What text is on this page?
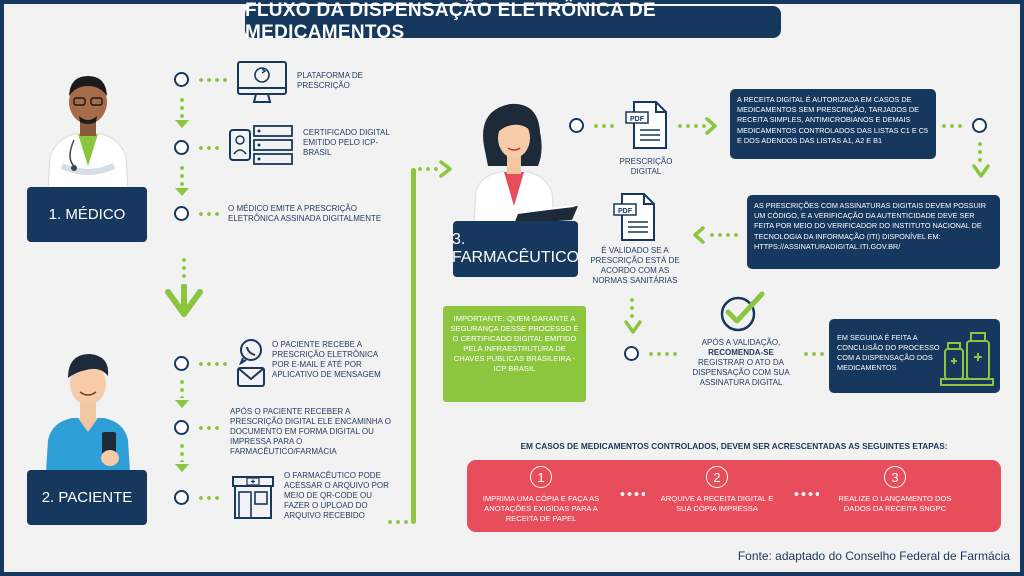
FLUXO DA DISPENSAÇÃO ELETRÔNICA DE MEDICAMENTOS
1. MÉDICO
PLATAFORMA DE PRESCRIÇÃO
CERTIFICADO DIGITAL EMITIDO PELO ICP-BRASIL
O MÉDICO EMITE A PRESCRIÇÃO ELETRÔNICA ASSINADA DIGITALMENTE
2. PACIENTE
O PACIENTE RECEBE A PRESCRIÇÃO ELETRÔNICA POR E-MAIL E ATÉ POR APLICATIVO DE MENSAGEM
APÓS O PACIENTE RECEBER A PRESCRIÇÃO DIGITAL ELE ENCAMINHA O DOCUMENTO EM FORMA DIGITAL OU IMPRESSA PARA O FARMACÊUTICO/FARMÁCIA
O FARMACÊUTICO PODE ACESSAR O ARQUIVO POR MEIO DE QR-CODE OU FAZER O UPLOAD DO ARQUIVO RECEBIDO
3. FARMACÊUTICO
PDF
PRESCRIÇÃO DIGITAL
A RECEITA DIGITAL É AUTORIZADA EM CASOS DE MEDICAMENTOS SEM PRESCRIÇÃO, TARJADOS DE RECEITA SIMPLES, ANTIMICROBIANOS E DEMAIS MEDICAMENTOS CONTROLADOS DAS LISTAS C1 E C5 E DOS ADENDOS DAS LISTAS A1, A2 E B1
AS PRESCRIÇÕES COM ASSINATURAS DIGITAIS DEVEM POSSUIR UM CÓDIGO, E A VERIFICAÇÃO DA AUTENTICIDADE DEVE SER FEITA POR MEIO DO VERIFICADOR DO INSTITUTO NACIONAL DE TECNOLOGIA DA INFORMAÇÃO (ITI) DISPONÍVEL EM: HTTPS://ASSINATURADIGITAL.ITI.GOV.BR/
PDF
É VALIDADO SE A PRESCRIÇÃO ESTÁ DE ACORDO COM AS NORMAS SANITÁRIAS
IMPORTANTE: QUEM GARANTE A SEGURANÇA DESSE PROCESSO É O CERTIFICADO DIGITAL EMITIDO PELA INFRAESTRUTURA DE CHAVES PÚBLICAS BRASILEIRA - ICP BRASIL
APÓS A VALIDAÇÃO,
RECOMENDA-SE
REGISTRAR O ATO DA DISPENSAÇÃO COM SUA ASSINATURA DIGITAL
EM SEGUIDA É FEITA A CONCLUSÃO DO PROCESSO COM A DISPENSAÇÃO DOS MEDICAMENTOS
EM CASOS DE MEDICAMENTOS CONTROLADOS, DEVEM SER ACRESCENTADAS AS SEGUINTES ETAPAS:
1
IMPRIMA UMA CÓPIA E FAÇA AS ANOTAÇÕES EXIGIDAS PARA A RECEITA DE PAPEL
2
ARQUIVE A RECEITA DIGITAL E SUA CÓPIA IMPRESSA
3
REALIZE O LANÇAMENTO DOS DADOS DA RECEITA SNGPC
Fonte: adaptado do Conselho Federal de Farmácia
